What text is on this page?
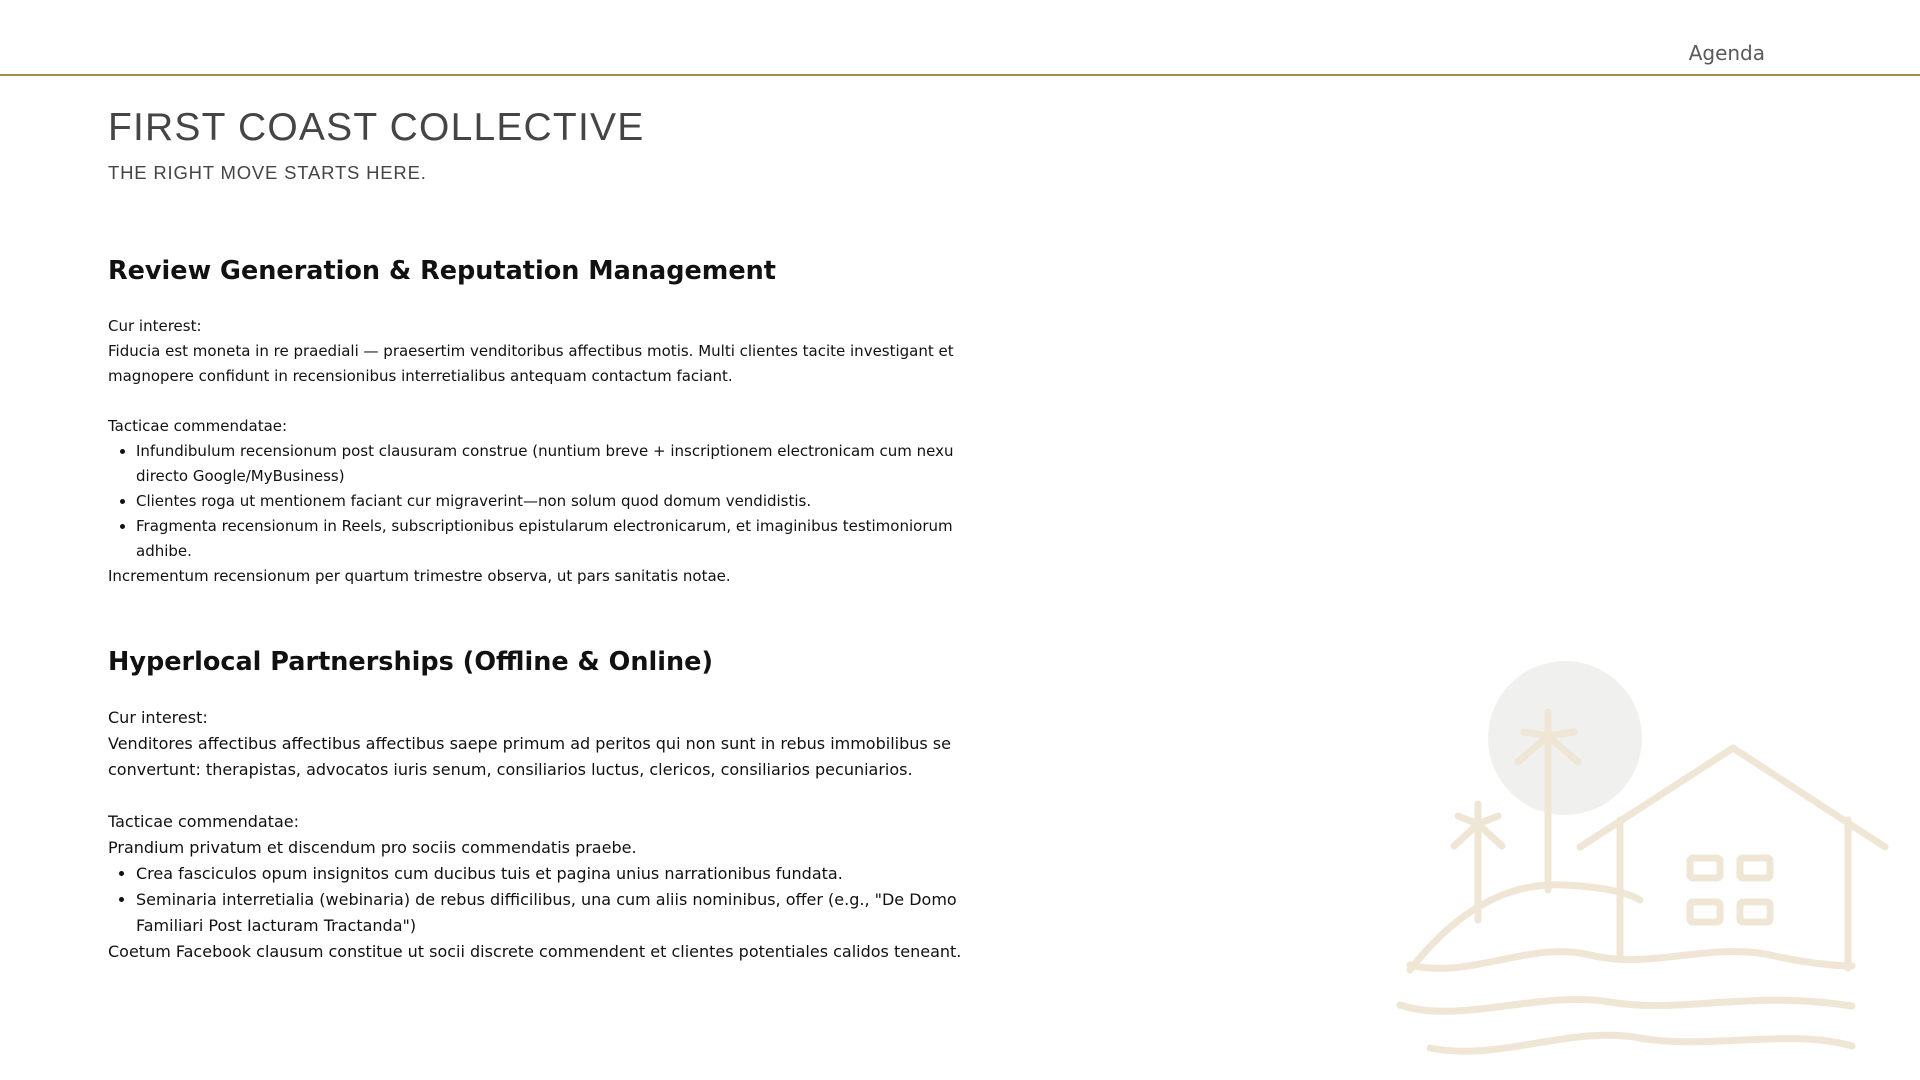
Agenda
FIRST COAST COLLECTIVE
THE RIGHT MOVE STARTS HERE.
Review Generation & Reputation Management

Cur interest:

Fiducia est moneta in re praediali — praesertim venditoribus affectibus motis. Multi clientes tacite investigant et magnopere confidunt in recensionibus interretialibus antequam contactum faciant.

Tacticae commendatae:

• Infundibulum recensionum post clausuram construe (nuntium breve + inscriptionem electronicam cum nexu directo Google/MyBusiness)
• Clientes roga ut mentionem faciant cur migraverint—non solum quod domum vendidistis.
• Fragmenta recensionum in Reels, subscriptionibus epistularum electronicarum, et imaginibus testimoniorum adhibe.

Incrementum recensionum per quartum trimestre observa, ut pars sanitatis notae.

Hyperlocal Partnerships (Offline & Online)

Cur interest:

Venditores affectibus affectibus affectibus saepe primum ad peritos qui non sunt in rebus immobilibus se convertunt: therapistas, advocatos iuris senum, consiliarios luctus, clericos, consiliarios pecuniarios.

Tacticae commendatae:

Prandium privatum et discendum pro sociis commendatis praebe.

• Crea fasciculos opum insignitos cum ducibus tuis et pagina unius narrationibus fundata.
• Seminaria interretialia (webinaria) de rebus difficilibus, una cum aliis nominibus, offer (e.g., "De Domo Familiari Post Iacturam Tractanda")

Coetum Facebook clausum constitue ut socii discrete commendent et clientes potentiales calidos teneant.
